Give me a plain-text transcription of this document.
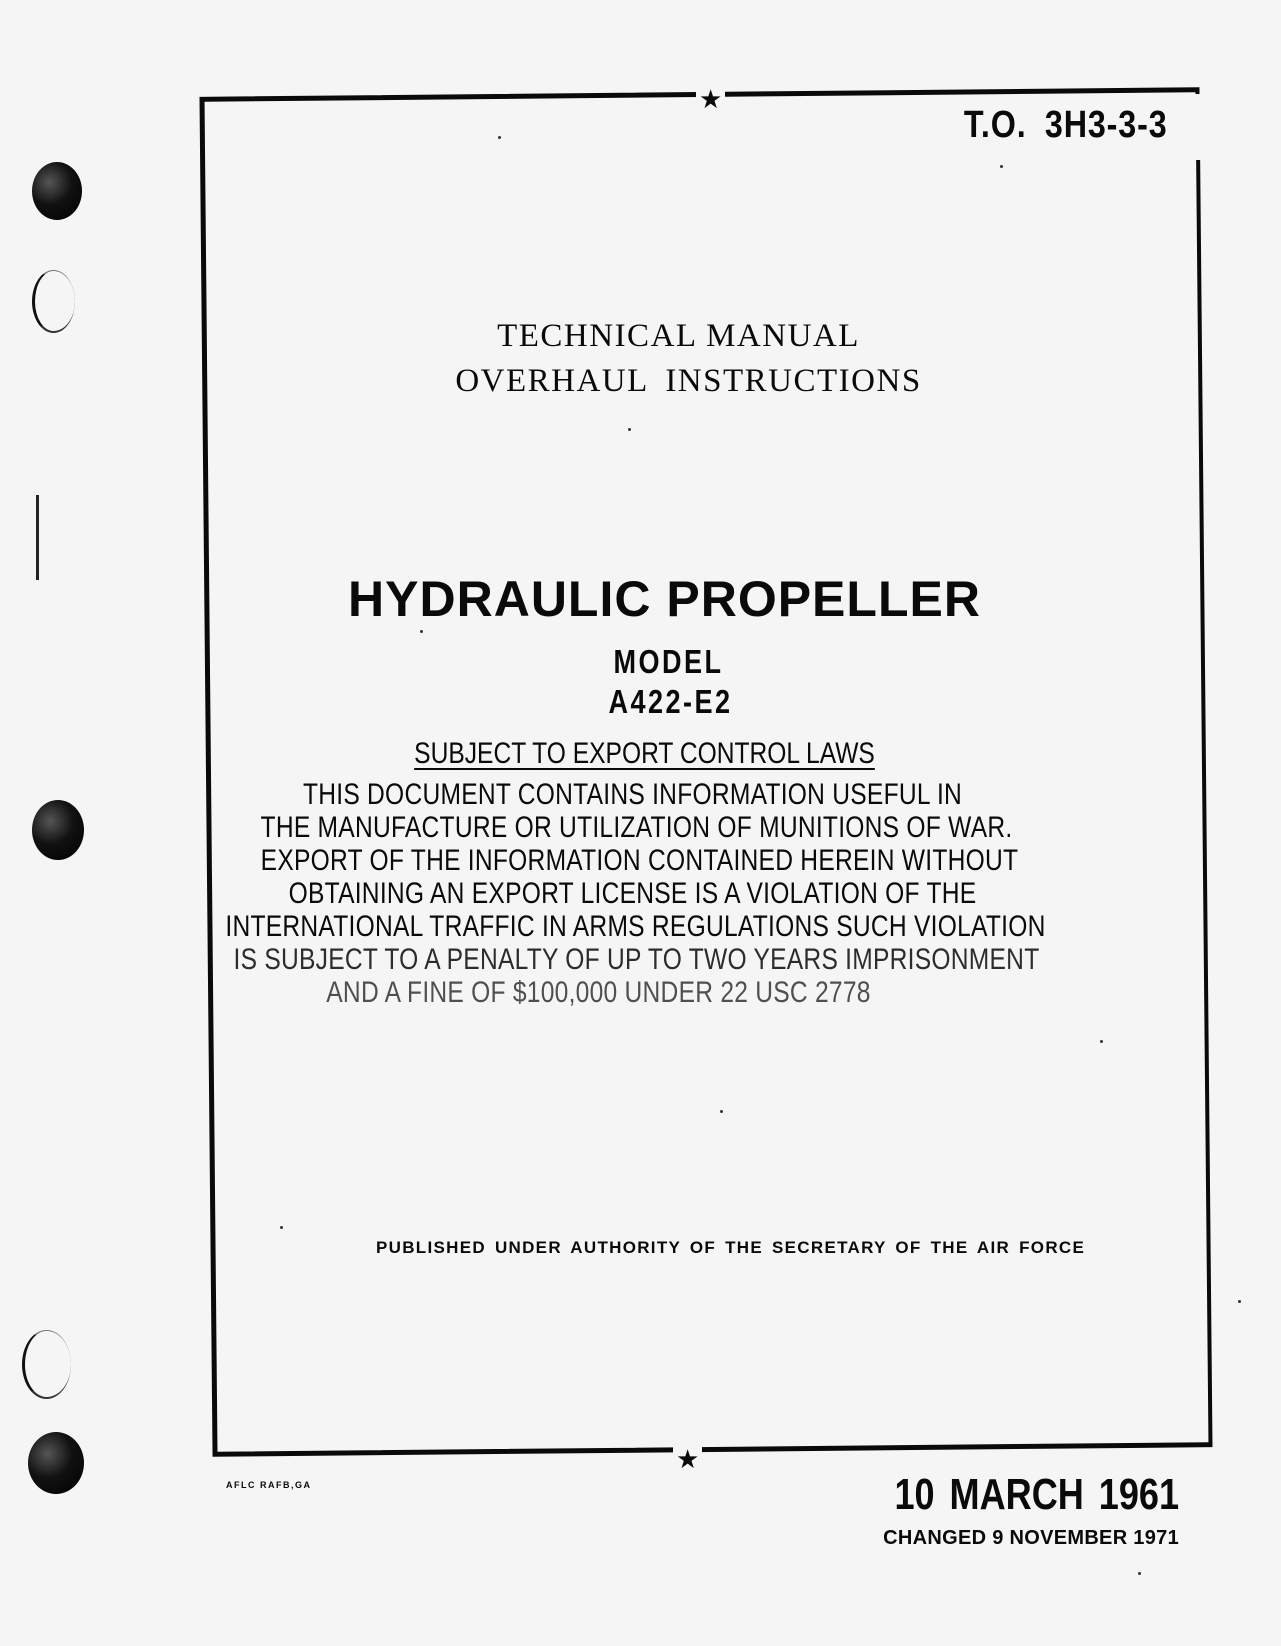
★
★
T.O. 3H3-3-3
TECHNICAL MANUAL
OVERHAUL INSTRUCTIONS
HYDRAULIC PROPELLER
MODEL
A422-E2
SUBJECT TO EXPORT CONTROL LAWS
THIS DOCUMENT CONTAINS INFORMATION USEFUL IN
THE MANUFACTURE OR UTILIZATION OF MUNITIONS OF WAR.
EXPORT OF THE INFORMATION CONTAINED HEREIN WITHOUT
OBTAINING AN EXPORT LICENSE IS A VIOLATION OF THE
INTERNATIONAL TRAFFIC IN ARMS REGULATIONS SUCH VIOLATION
IS SUBJECT TO A PENALTY OF UP TO TWO YEARS IMPRISONMENT
AND A FINE OF $100,000 UNDER 22 USC 2778
PUBLISHED UNDER AUTHORITY OF THE SECRETARY OF THE AIR FORCE
AFLC RAFB,GA	10 MARCH 1961
CHANGED 9 NOVEMBER 1971
